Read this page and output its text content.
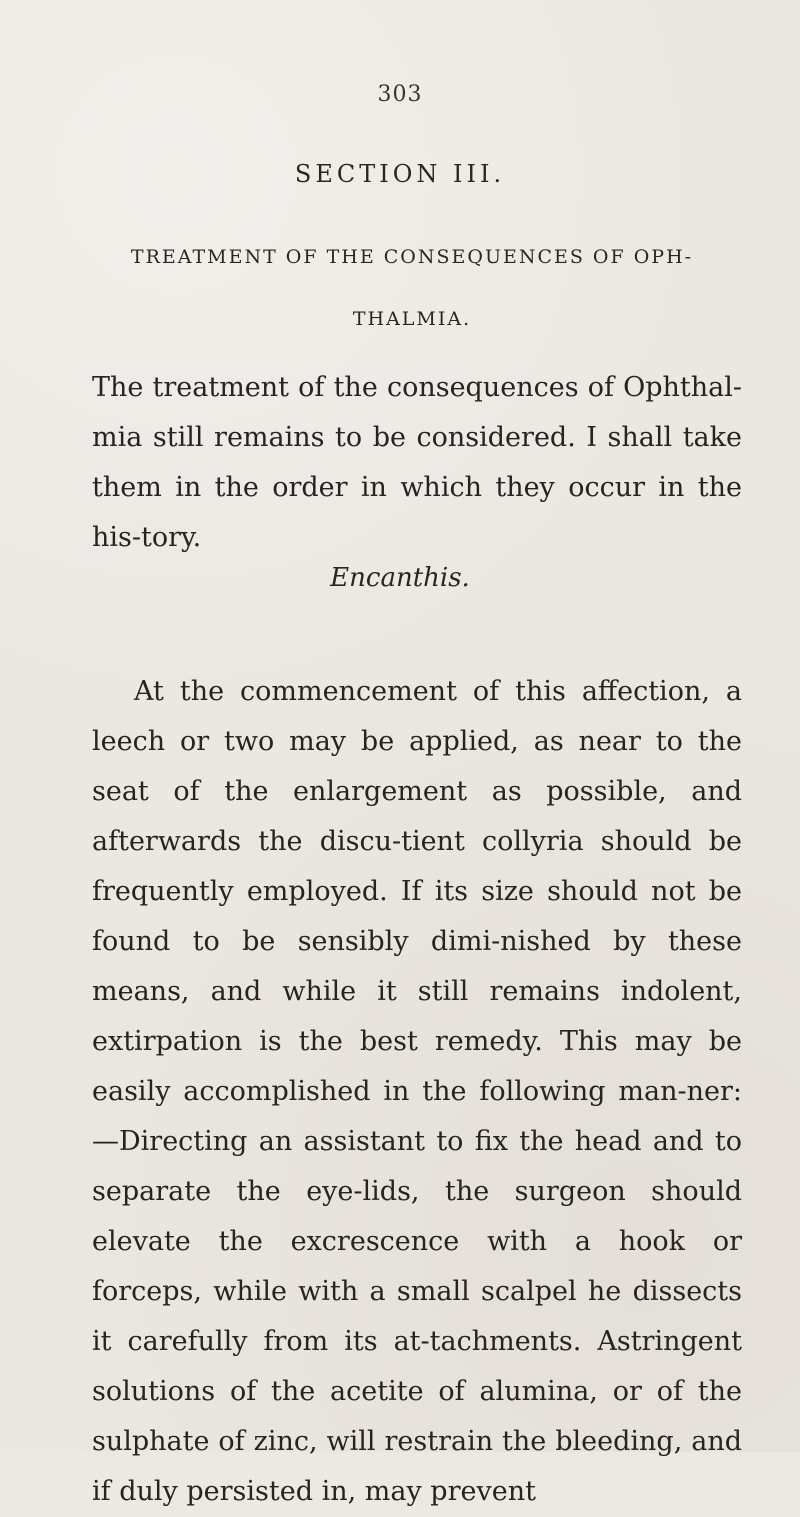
303
SECTION III.
TREATMENT OF THE CONSEQUENCES OF OPH-THALMIA.

The treatment of the consequences of Ophthal-mia still remains to be considered. I shall take them in the order in which they occur in the his-tory.

Encanthis.

At the commencement of this affection, a leech or two may be applied, as near to the seat of the enlargement as possible, and afterwards the discu-tient collyria should be frequently employed. If its size should not be found to be sensibly dimi-nished by these means, and while it still remains indolent, extirpation is the best remedy. This may be easily accomplished in the following man-ner:—Directing an assistant to fix the head and to separate the eye-lids, the surgeon should elevate the excrescence with a hook or forceps, while with a small scalpel he dissects it carefully from its at-tachments. Astringent solutions of the acetite of alumina, or of the sulphate of zinc, will restrain the bleeding, and if duly persisted in, may prevent
